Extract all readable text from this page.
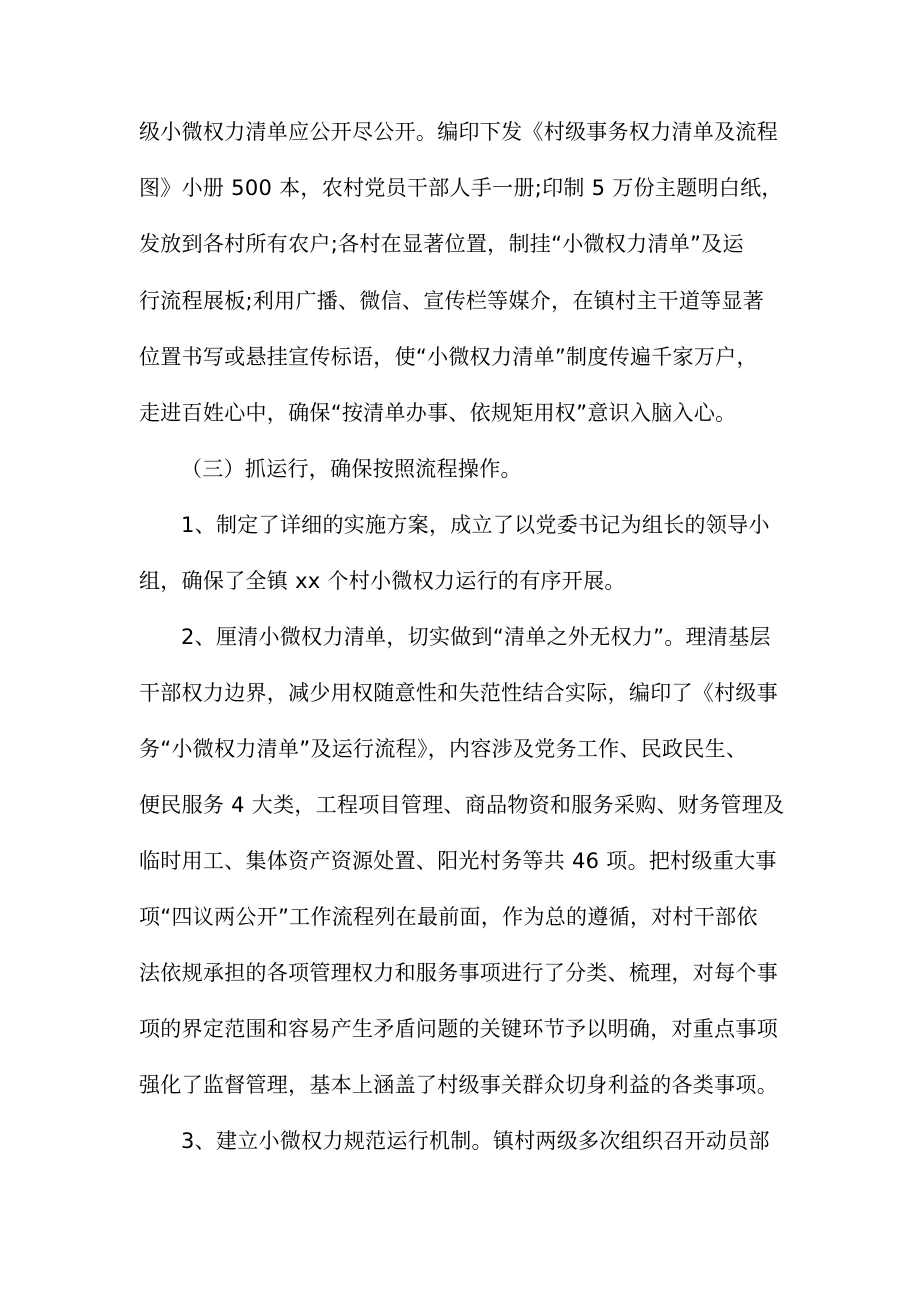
级小微权力清单应公开尽公开。编印下发《村级事务权力清单及流程
图》小册 500 本，农村党员干部人手一册;印制 5 万份主题明白纸，
发放到各村所有农户;各村在显著位置，制挂“小微权力清单”及运
行流程展板;利用广播、微信、宣传栏等媒介，在镇村主干道等显著
位置书写或悬挂宣传标语，使“小微权力清单”制度传遍千家万户，
走进百姓心中，确保“按清单办事、依规矩用权”意识入脑入心。
（三）抓运行，确保按照流程操作。
1、制定了详细的实施方案，成立了以党委书记为组长的领导小
组，确保了全镇 xx 个村小微权力运行的有序开展。
2、厘清小微权力清单，切实做到“清单之外无权力”。理清基层
干部权力边界，减少用权随意性和失范性结合实际，编印了《村级事
务“小微权力清单”及运行流程》，内容涉及党务工作、民政民生、
便民服务 4 大类，工程项目管理、商品物资和服务采购、财务管理及
临时用工、集体资产资源处置、阳光村务等共 46 项。把村级重大事
项“四议两公开”工作流程列在最前面，作为总的遵循，对村干部依
法依规承担的各项管理权力和服务事项进行了分类、梳理，对每个事
项的界定范围和容易产生矛盾问题的关键环节予以明确，对重点事项
强化了监督管理，基本上涵盖了村级事关群众切身利益的各类事项。
3、建立小微权力规范运行机制。镇村两级多次组织召开动员部
